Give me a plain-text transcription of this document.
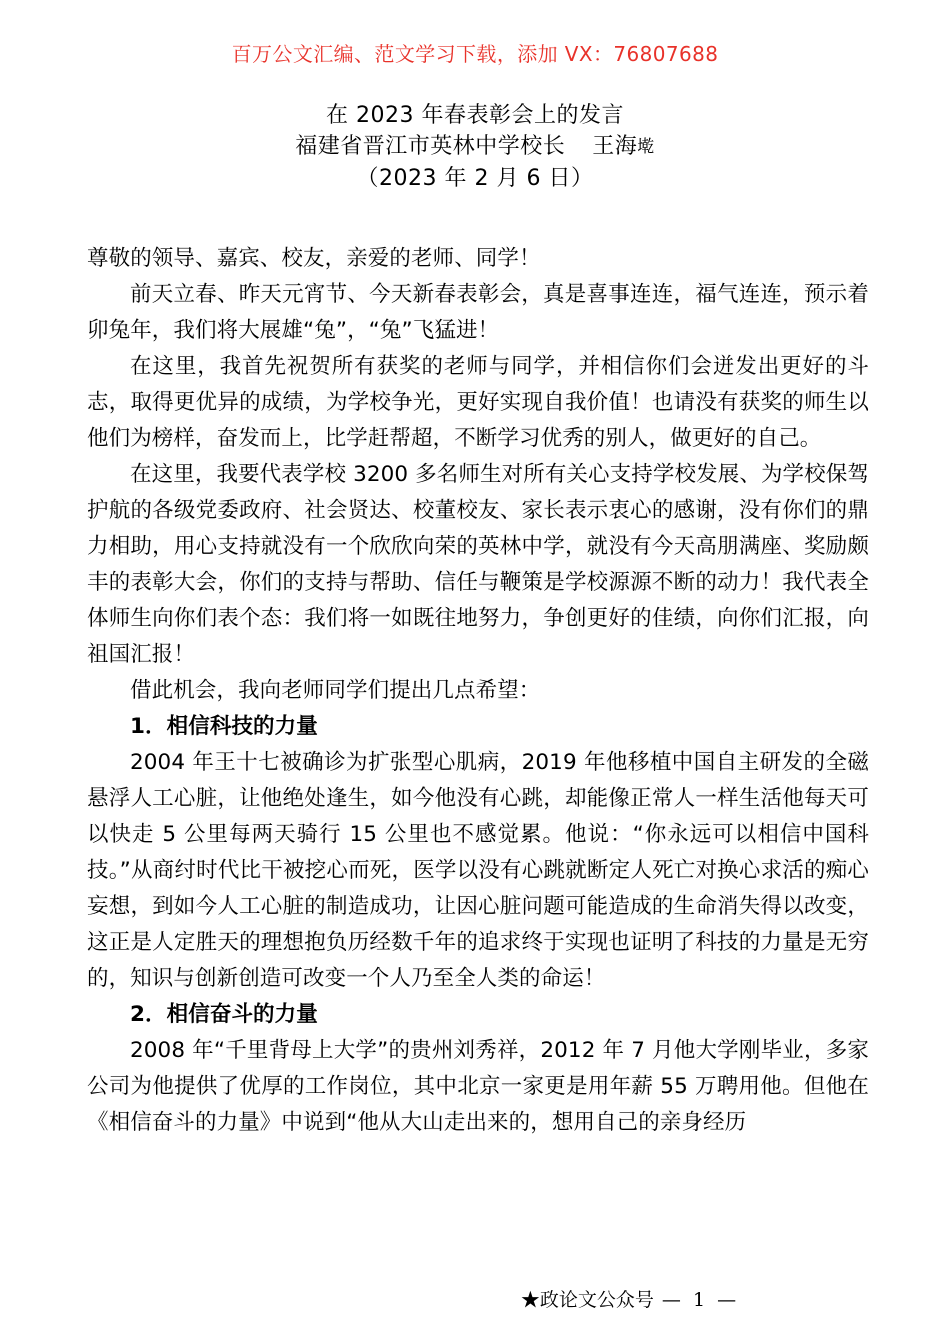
百万公文汇编、范文学习下载，添加 VX：76807688
在 2023 年春表彰会上的发言
福建省晋江市英林中学校长 王海墘
（2023 年 2 月 6 日）

尊敬的领导、嘉宾、校友，亲爱的老师、同学！

前天立春、昨天元宵节、今天新春表彰会，真是喜事连连，福气连连，预示着卯兔年，我们将大展雄“兔”，“兔”飞猛进！

在这里，我首先祝贺所有获奖的老师与同学，并相信你们会迸发出更好的斗志，取得更优异的成绩，为学校争光，更好实现自我价值！也请没有获奖的师生以他们为榜样，奋发而上，比学赶帮超，不断学习优秀的别人，做更好的自己。

在这里，我要代表学校 3200 多名师生对所有关心支持学校发展、为学校保驾护航的各级党委政府、社会贤达、校董校友、家长表示衷心的感谢，没有你们的鼎力相助，用心支持就没有一个欣欣向荣的英林中学，就没有今天高朋满座、奖励颇丰的表彰大会，你们的支持与帮助、信任与鞭策是学校源源不断的动力！我代表全体师生向你们表个态：我们将一如既往地努力，争创更好的佳绩，向你们汇报，向祖国汇报！

借此机会，我向老师同学们提出几点希望：

1．相信科技的力量

2004 年王十七被确诊为扩张型心肌病，2019 年他移植中国自主研发的全磁悬浮人工心脏，让他绝处逢生，如今他没有心跳，却能像正常人一样生活他每天可以快走 5 公里每两天骑行 15 公里也不感觉累。他说：“你永远可以相信中国科技。”从商纣时代比干被挖心而死，医学以没有心跳就断定人死亡对换心求活的痴心妄想，到如今人工心脏的制造成功，让因心脏问题可能造成的生命消失得以改变，这正是人定胜天的理想抱负历经数千年的追求终于实现也证明了科技的力量是无穷的，知识与创新创造可改变一个人乃至全人类的命运！

2．相信奋斗的力量

2008 年“千里背母上大学”的贵州刘秀祥，2012 年 7 月他大学刚毕业，多家公司为他提供了优厚的工作岗位，其中北京一家更是用年薪 55 万聘用他。但他在《相信奋斗的力量》中说到“他从大山走出来的，想用自己的亲身经历

★政论文公众号 — 1 —
